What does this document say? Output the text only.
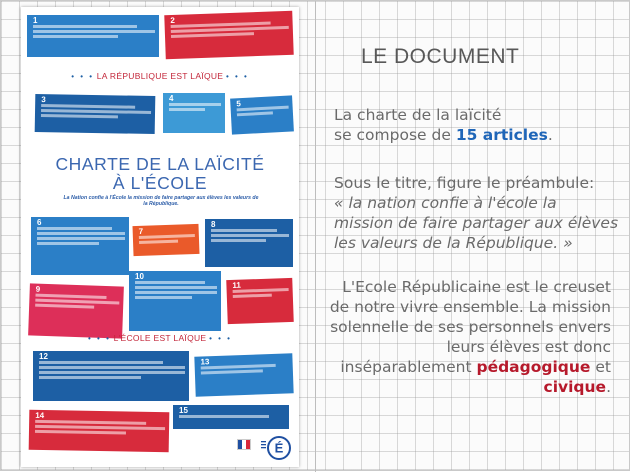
1	2
• • • LA RÉPUBLIQUE EST LAÏQUE • • •
3	4
5
CHARTE DE LA LAÏCITÉ
À L'ÉCOLE
La Nation confie à l'École la mission de faire partager aux élèves les valeurs de la République.
6
7
8
9
10
11
• • • L'ÉCOLE EST LAÏQUE • • •
12
13
14
15
É
LE DOCUMENT
La charte de la laïcité
se compose de 15 articles.
Sous le titre, figure le préambule:
« la nation confie à l'école la mission de faire partager aux élèves les valeurs de la République. »
L'Ecole Républicaine est le creuset de notre vivre ensemble. La mission solennelle de ses personnels envers leurs élèves est donc inséparablement pédagogique et civique.
